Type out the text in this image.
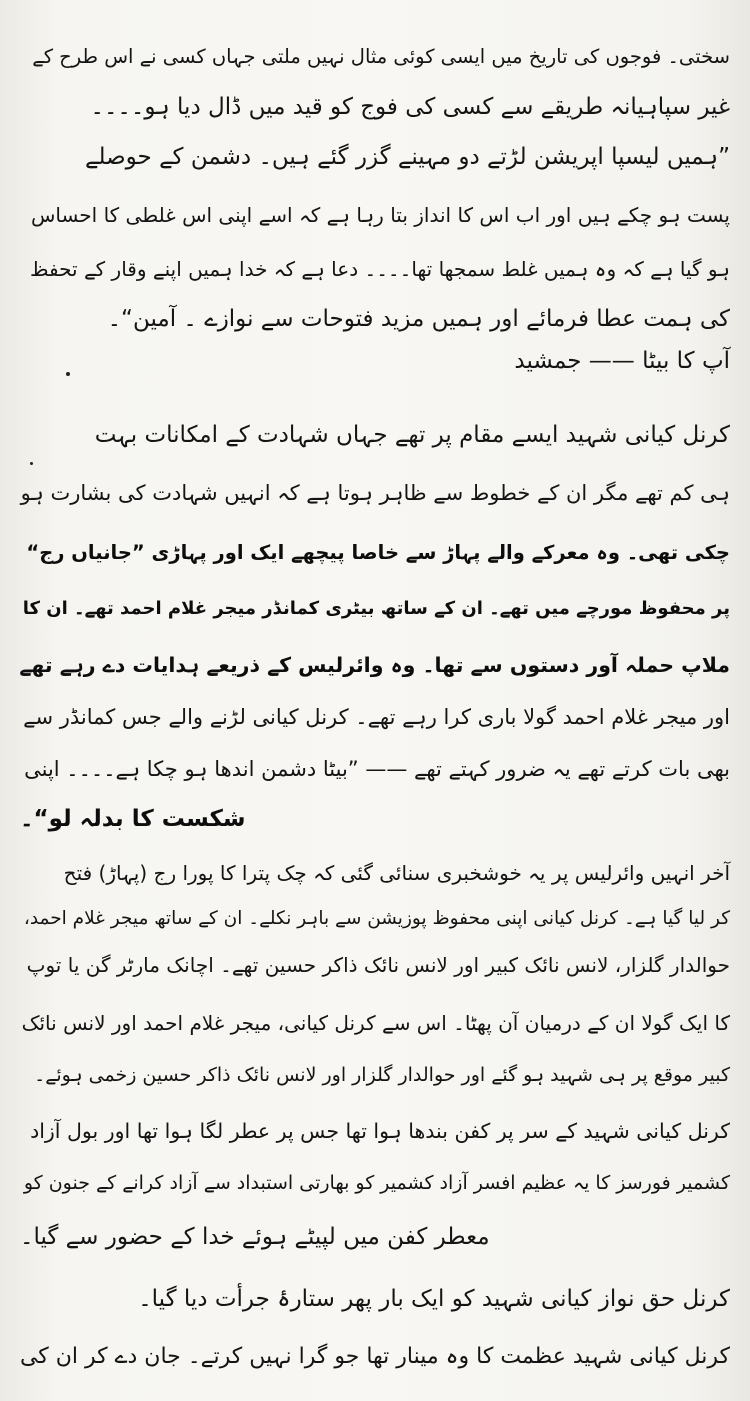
سختی۔ فوجوں کی تاریخ میں ایسی کوئی مثال نہیں ملتی جہاں کسی نے اس طرح کے
غیر سپاہیانہ طریقے سے کسی کی فوج کو قید میں ڈال دیا ہو۔۔۔۔
”ہمیں لیسپا اپریشن لڑتے دو مہینے گزر گئے ہیں۔ دشمن کے حوصلے
پست ہو چکے ہیں اور اب اس کا انداز بتا رہا ہے کہ اسے اپنی اس غلطی کا احساس
ہو گیا ہے کہ وہ ہمیں غلط سمجھا تھا۔۔۔۔ دعا ہے کہ خدا ہمیں اپنے وقار کے تحفظ
کی ہمت عطا فرمائے اور ہمیں مزید فتوحات سے نوازے ۔ آمین“۔
آپ کا بیٹا —— جمشید
کرنل کیانی شہید ایسے مقام پر تھے جہاں شہادت کے امکانات بہت
ہی کم تھے مگر ان کے خطوط سے ظاہر ہوتا ہے کہ انہیں شہادت کی بشارت ہو
چکی تھی۔ وہ معرکے والے پہاڑ سے خاصا پیچھے ایک اور پہاڑی ”جانیاں رج“
پر محفوظ مورچے میں تھے۔ ان کے ساتھ بیٹری کمانڈر میجر غلام احمد تھے۔ ان کا
ملاپ حملہ آور دستوں سے تھا۔ وہ وائرلیس کے ذریعے ہدایات دے رہے تھے
اور میجر غلام احمد گولا باری کرا رہے تھے۔ کرنل کیانی لڑنے والے جس کمانڈر سے
بھی بات کرتے تھے یہ ضرور کہتے تھے —— ”بیٹا دشمن اندھا ہو چکا ہے۔۔۔۔ اپنی
شکست کا بدلہ لو“۔
آخر انہیں وائرلیس پر یہ خوشخبری سنائی گئی کہ چک پترا کا پورا رج (پہاڑ) فتح
کر لیا گیا ہے۔ کرنل کیانی اپنی محفوظ پوزیشن سے باہر نکلے۔ ان کے ساتھ میجر غلام احمد،
حوالدار گلزار، لانس نائک کبیر اور لانس نائک ذاکر حسین تھے۔ اچانک مارٹر گن یا توپ
کا ایک گولا ان کے درمیان آن پھٹا۔ اس سے کرنل کیانی، میجر غلام احمد اور لانس نائک
کبیر موقع پر ہی شہید ہو گئے اور حوالدار گلزار اور لانس نائک ذاکر حسین زخمی ہوئے۔
کرنل کیانی شہید کے سر پر کفن بندھا ہوا تھا جس پر عطر لگا ہوا تھا اور بول آزاد
کشمیر فورسز کا یہ عظیم افسر آزاد کشمیر کو بھارتی استبداد سے آزاد کرانے کے جنون کو
معطر کفن میں لپیٹے ہوئے خدا کے حضور سے گیا۔
کرنل حق نواز کیانی شہید کو ایک بار پھر ستارۂ جرأت دیا گیا۔
کرنل کیانی شہید عظمت کا وہ مینار تھا جو گرا نہیں کرتے۔ جان دے کر ان کی
